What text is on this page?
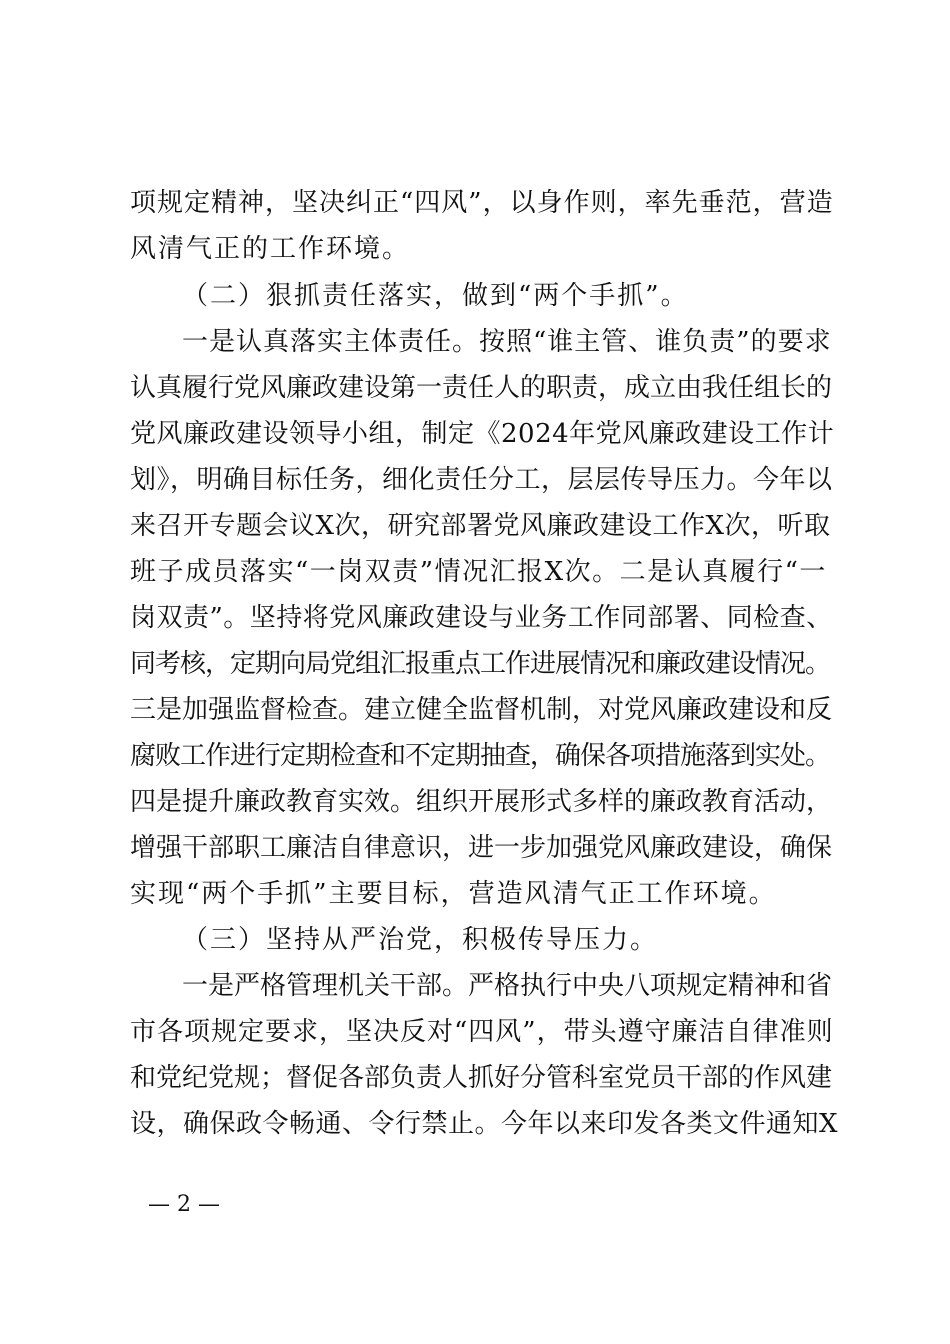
项规定精神，坚决纠正“四风”，以身作则，率先垂范，营造
风清气正的工作环境。
（二）狠抓责任落实，做到“两个手抓”。
一是认真落实主体责任。按照“谁主管、谁负责”的要求
认真履行党风廉政建设第一责任人的职责，成立由我任组长的
党风廉政建设领导小组，制定《2024年党风廉政建设工作计
划》，明确目标任务，细化责任分工，层层传导压力。今年以
来召开专题会议X次，研究部署党风廉政建设工作X次，听取
班子成员落实“一岗双责”情况汇报X次。二是认真履行“一
岗双责”。坚持将党风廉政建设与业务工作同部署、同检查、
同考核，定期向局党组汇报重点工作进展情况和廉政建设情况。
三是加强监督检查。建立健全监督机制，对党风廉政建设和反
腐败工作进行定期检查和不定期抽查，确保各项措施落到实处。
四是提升廉政教育实效。组织开展形式多样的廉政教育活动，
增强干部职工廉洁自律意识，进一步加强党风廉政建设，确保
实现“两个手抓”主要目标，营造风清气正工作环境。
（三）坚持从严治党，积极传导压力。
一是严格管理机关干部。严格执行中央八项规定精神和省
市各项规定要求，坚决反对“四风”，带头遵守廉洁自律准则
和党纪党规；督促各部负责人抓好分管科室党员干部的作风建
设，确保政令畅通、令行禁止。今年以来印发各类文件通知X
— 2 —
